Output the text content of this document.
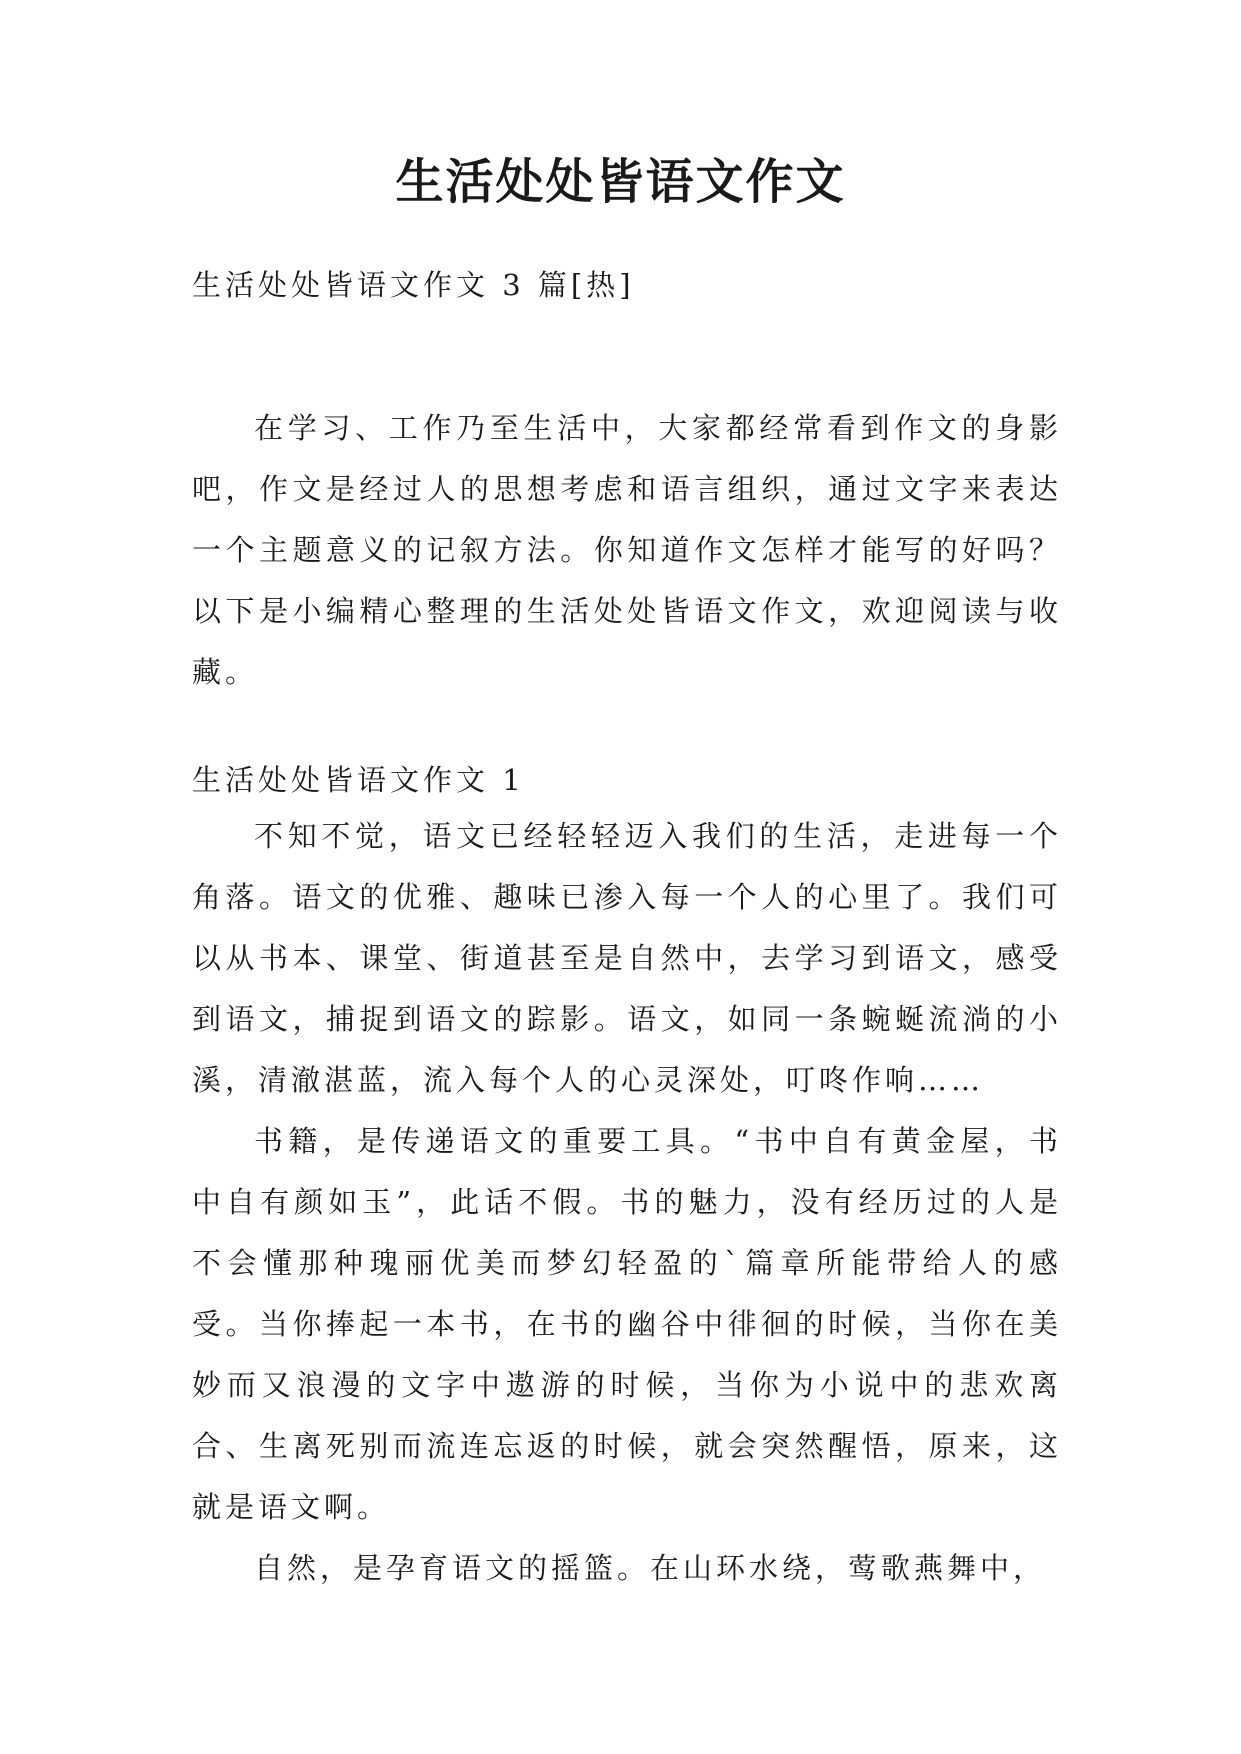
生活处处皆语文作文

生活处处皆语文作文 3 篇[热]

在学习、工作乃至生活中，大家都经常看到作文的身影吧，作文是经过人的思想考虑和语言组织，通过文字来表达一个主题意义的记叙方法。你知道作文怎样才能写的好吗？以下是小编精心整理的生活处处皆语文作文，欢迎阅读与收藏。

生活处处皆语文作文 1

不知不觉，语文已经轻轻迈入我们的生活，走进每一个角落。语文的优雅、趣味已渗入每一个人的心里了。我们可以从书本、课堂、街道甚至是自然中，去学习到语文，感受到语文，捕捉到语文的踪影。语文，如同一条蜿蜒流淌的小溪，清澈湛蓝，流入每个人的心灵深处，叮咚作响……

书籍，是传递语文的重要工具。“书中自有黄金屋，书中自有颜如玉”，此话不假。书的魅力，没有经历过的人是不会懂那种瑰丽优美而梦幻轻盈的`篇章所能带给人的感受。当你捧起一本书，在书的幽谷中徘徊的时候，当你在美妙而又浪漫的文字中遨游的时候，当你为小说中的悲欢离合、生离死别而流连忘返的时候，就会突然醒悟，原来，这就是语文啊。

自然，是孕育语文的摇篮。在山环水绕，莺歌燕舞中，
